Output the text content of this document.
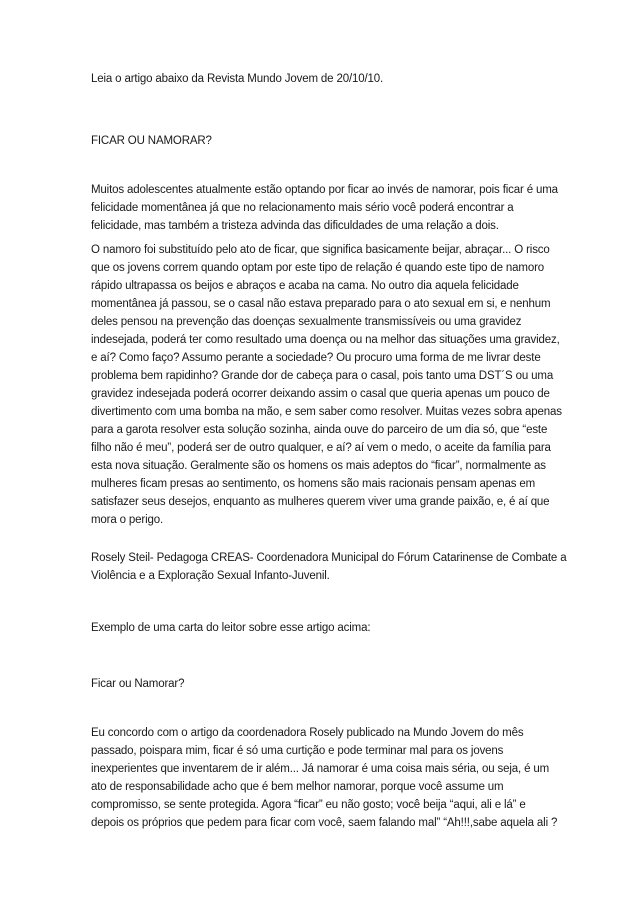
Leia o artigo abaixo da Revista Mundo Jovem de 20/10/10.

FICAR OU NAMORAR?

Muitos adolescentes atualmente estão optando por ficar ao invés de namorar, pois ficar é uma

felicidade momentânea já que no relacionamento mais sério você poderá encontrar a

felicidade, mas também a tristeza advinda das dificuldades de uma relação a dois.

O namoro foi substituído pelo ato de ficar, que significa basicamente beijar, abraçar... O risco

que os jovens correm quando optam por este tipo de relação é quando este tipo de namoro

rápido ultrapassa os beijos e abraços e acaba na cama. No outro dia aquela felicidade

momentânea já passou, se o casal não estava preparado para o ato sexual em si, e nenhum

deles pensou na prevenção das doenças sexualmente transmissíveis ou uma gravidez

indesejada, poderá ter como resultado uma doença ou na melhor das situações uma gravidez,

e aí? Como faço? Assumo perante a sociedade? Ou procuro uma forma de me livrar deste

problema bem rapidinho? Grande dor de cabeça para o casal, pois tanto uma DST´S ou uma

gravidez indesejada poderá ocorrer deixando assim o casal que queria apenas um pouco de

divertimento com uma bomba na mão, e sem saber como resolver. Muitas vezes sobra apenas

para a garota resolver esta solução sozinha, ainda ouve do parceiro de um dia só, que “este

filho não é meu”, poderá ser de outro qualquer, e aí? aí vem o medo, o aceite da família para

esta nova situação. Geralmente são os homens os mais adeptos do “ficar”, normalmente as

mulheres ficam presas ao sentimento, os homens são mais racionais pensam apenas em

satisfazer seus desejos, enquanto as mulheres querem viver uma grande paixão, e, é aí que

mora o perigo.

Rosely Steil- Pedagoga CREAS- Coordenadora Municipal do Fórum Catarinense de Combate a

Violência e a Exploração Sexual Infanto-Juvenil.

Exemplo de uma carta do leitor sobre esse artigo acima:

Ficar ou Namorar?

Eu concordo com o artigo da coordenadora Rosely publicado na Mundo Jovem do mês

passado, poispara mim, ficar é só uma curtição e pode terminar mal para os jovens

inexperientes que inventarem de ir além... Já namorar é uma coisa mais séria, ou seja, é um

ato de responsabilidade acho que é bem melhor namorar, porque você assume um

compromisso, se sente protegida. Agora “ficar” eu não gosto; você beija “aqui, ali e lá” e

depois os próprios que pedem para ficar com você, saem falando mal” “Ah!!!,sabe aquela ali ?
